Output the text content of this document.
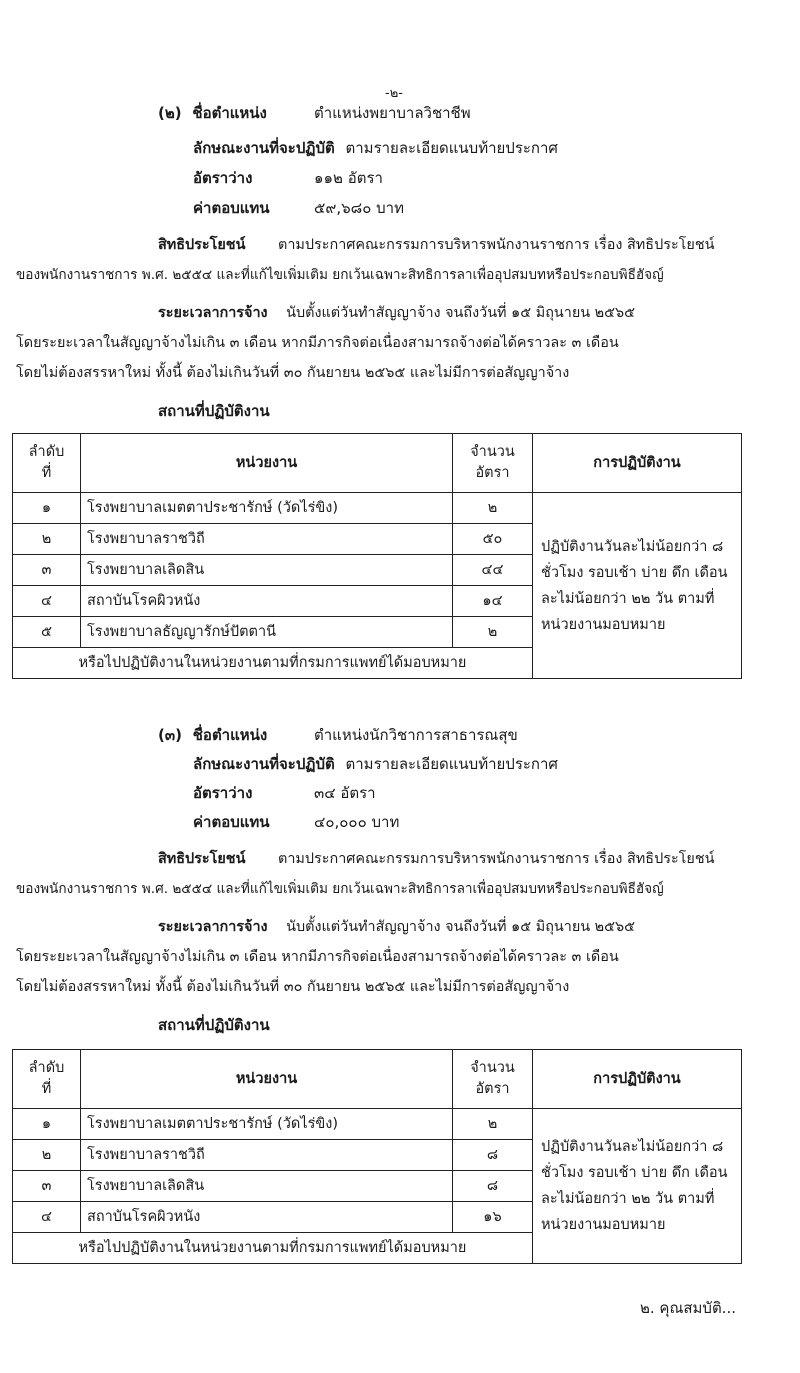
-๒-
(๒) ชื่อตำแหน่ง	ตำแหน่งพยาบาลวิชาชีพ
ลักษณะงานที่จะปฏิบัติ ตามรายละเอียดแนบท้ายประกาศ
อัตราว่าง	๑๑๒ อัตรา
ค่าตอบแทน	๕๙,๖๘๐ บาท
สิทธิประโยชน์ ตามประกาศคณะกรรมการบริหารพนักงานราชการ เรื่อง สิทธิประโยชน์
ของพนักงานราชการ พ.ศ. ๒๕๕๔ และที่แก้ไขเพิ่มเติม ยกเว้นเฉพาะสิทธิการลาเพื่ออุปสมบทหรือประกอบพิธีฮัจญ์
ระยะเวลาการจ้าง นับตั้งแต่วันทำสัญญาจ้าง จนถึงวันที่ ๑๕ มิถุนายน ๒๕๖๕
โดยระยะเวลาในสัญญาจ้างไม่เกิน ๓ เดือน หากมีภารกิจต่อเนื่องสามารถจ้างต่อได้คราวละ ๓ เดือน
โดยไม่ต้องสรรหาใหม่ ทั้งนี้ ต้องไม่เกินวันที่ ๓๐ กันยายน ๒๕๖๕ และไม่มีการต่อสัญญาจ้าง
สถานที่ปฏิบัติงาน
ลำดับ
ที่
	หน่วยงาน	
จำนวน
อัตรา
	การปฏิบัติงาน
๑	โรงพยาบาลเมตตาประชารักษ์ (วัดไร่ขิง)	๒	ปฏิบัติงานวันละไม่น้อยกว่า ๘ ชั่วโมง รอบเช้า บ่าย ดึก เดือนละไม่น้อยกว่า ๒๒ วัน ตามที่หน่วยงานมอบหมาย
๒	โรงพยาบาลราชวิถี	๕๐	
๓	โรงพยาบาลเลิดสิน	๔๔	
๔	สถาบันโรคผิวหนัง	๑๔	
๕	โรงพยาบาลธัญญารักษ์ปัตตานี	๒	
หรือไปปฏิบัติงานในหน่วยงานตามที่กรมการแพทย์ได้มอบหมาย			
(๓) ชื่อตำแหน่ง	ตำแหน่งนักวิชาการสาธารณสุข
ลักษณะงานที่จะปฏิบัติ ตามรายละเอียดแนบท้ายประกาศ
อัตราว่าง	๓๔ อัตรา
ค่าตอบแทน	๔๐,๐๐๐ บาท
สิทธิประโยชน์ ตามประกาศคณะกรรมการบริหารพนักงานราชการ เรื่อง สิทธิประโยชน์
ของพนักงานราชการ พ.ศ. ๒๕๕๔ และที่แก้ไขเพิ่มเติม ยกเว้นเฉพาะสิทธิการลาเพื่ออุปสมบทหรือประกอบพิธีฮัจญ์
ระยะเวลาการจ้าง นับตั้งแต่วันทำสัญญาจ้าง จนถึงวันที่ ๑๕ มิถุนายน ๒๕๖๕
โดยระยะเวลาในสัญญาจ้างไม่เกิน ๓ เดือน หากมีภารกิจต่อเนื่องสามารถจ้างต่อได้คราวละ ๓ เดือน
โดยไม่ต้องสรรหาใหม่ ทั้งนี้ ต้องไม่เกินวันที่ ๓๐ กันยายน ๒๕๖๕ และไม่มีการต่อสัญญาจ้าง
สถานที่ปฏิบัติงาน
ลำดับ
ที่
	หน่วยงาน	
จำนวน
อัตรา
	การปฏิบัติงาน
๑	โรงพยาบาลเมตตาประชารักษ์ (วัดไร่ขิง)	๒	ปฏิบัติงานวันละไม่น้อยกว่า ๘ ชั่วโมง รอบเช้า บ่าย ดึก เดือนละไม่น้อยกว่า ๒๒ วัน ตามที่หน่วยงานมอบหมาย
๒	โรงพยาบาลราชวิถี	๘	
๓	โรงพยาบาลเลิดสิน	๘	
๔	สถาบันโรคผิวหนัง	๑๖	
หรือไปปฏิบัติงานในหน่วยงานตามที่กรมการแพทย์ได้มอบหมาย			
๒. คุณสมบัติ...
